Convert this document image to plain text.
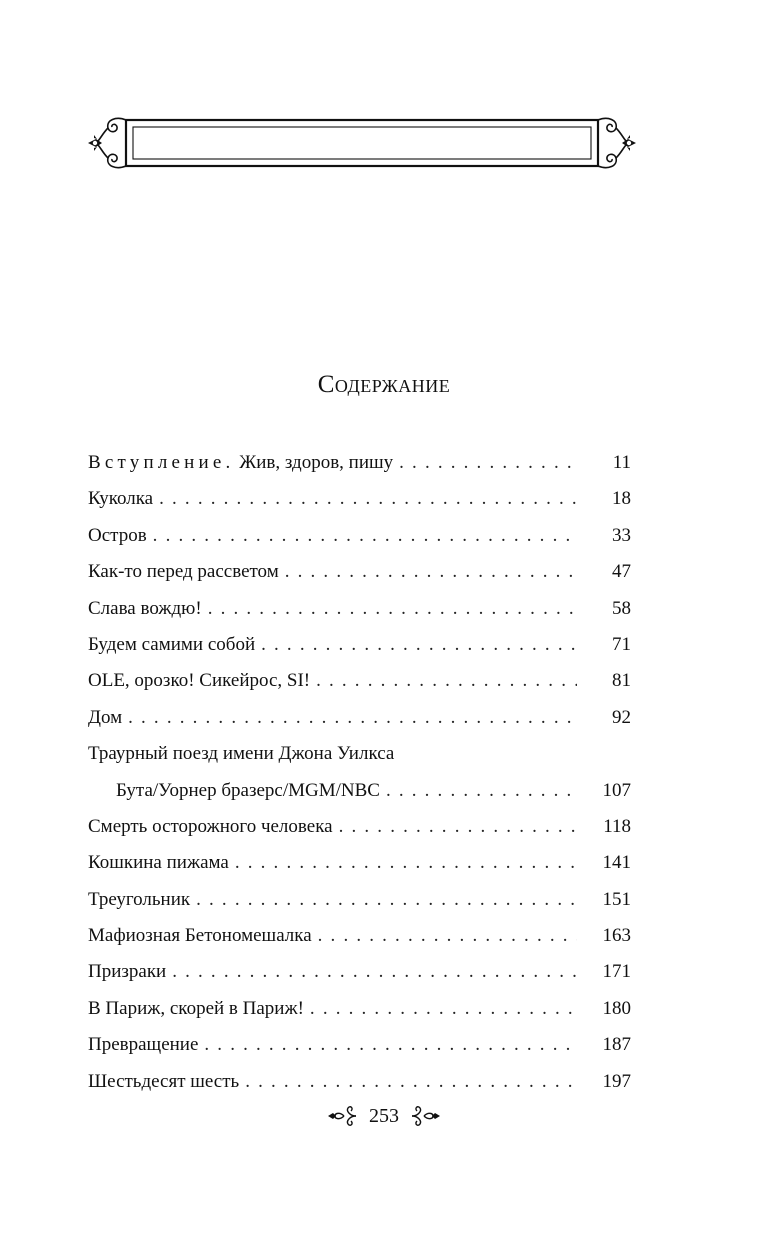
Содержание
Вступление. Жив, здоров, пишу . . .	11
Куколка . . .	18
Остров . . .	33
Как-то перед рассветом . . .	47
Слава вождю! . . .	58
Будем самими собой . . .	71
OLE, орозко! Сикейрос, SI! . . .	81
Дом . . .	92
Траурный поезд имени Джона Уилкса
Бута/Уорнер бразерс/MGM/NBC . . .	107
Смерть осторожного человека . . .	118
Кошкина пижама . . .	141
Треугольник . . .	151
Мафиозная Бетономешалка . . .	163
Призраки . . .	171
В Париж, скорей в Париж! . . .	180
Превращение . . .	187
Шестьдесят шесть . . .	197
253
